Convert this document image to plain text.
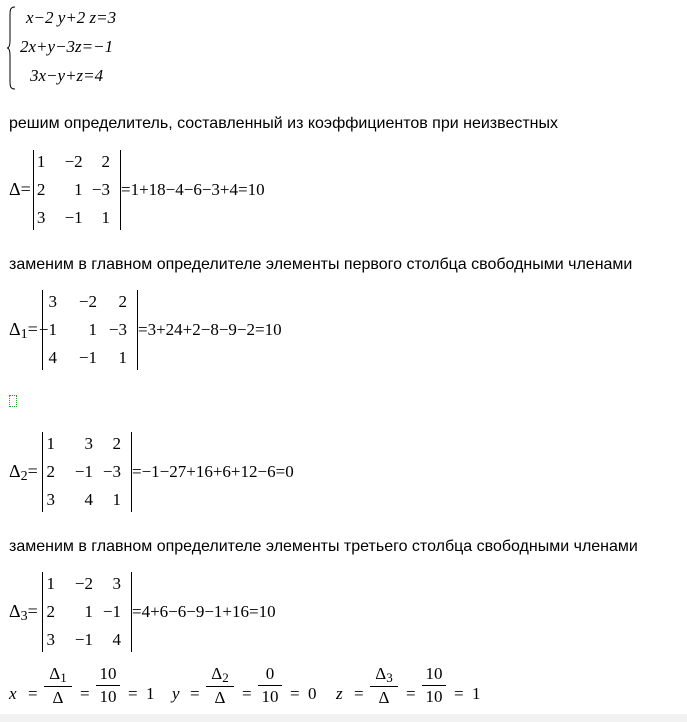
x−2 y+2 z=3
2x+y−3z=−1
3x−y+z=4
решим определитель, составленный из коэффициентов при неизвестных
Δ=
1	−2	2
2	1 −3
3	−1	1
=1+18−4−6−3+4=10
заменим в главном определителе элементы первого столбца свободными членами
$\Delta_1=$
3	−2	2
−1	1 −3
4	−1	1
=3+24+2−8−9−2=10
$\Delta_2=$
1	3	2
2	−1 −3
3	4	1
=−1−27+16+6+12−6=0
заменим в главном определителе элементы третьего столбца свободными членами
$\Delta_3=$
1	−2	3
2	1 −1
3	−1	4
=4+6−6−9−1+16=10
x =
$\Delta_1$
Δ =
10
10 = 1 y =
$\Delta_2$
Δ =
0
10 = 0 z =
$\Delta_3$
Δ =
10
10 = 1
